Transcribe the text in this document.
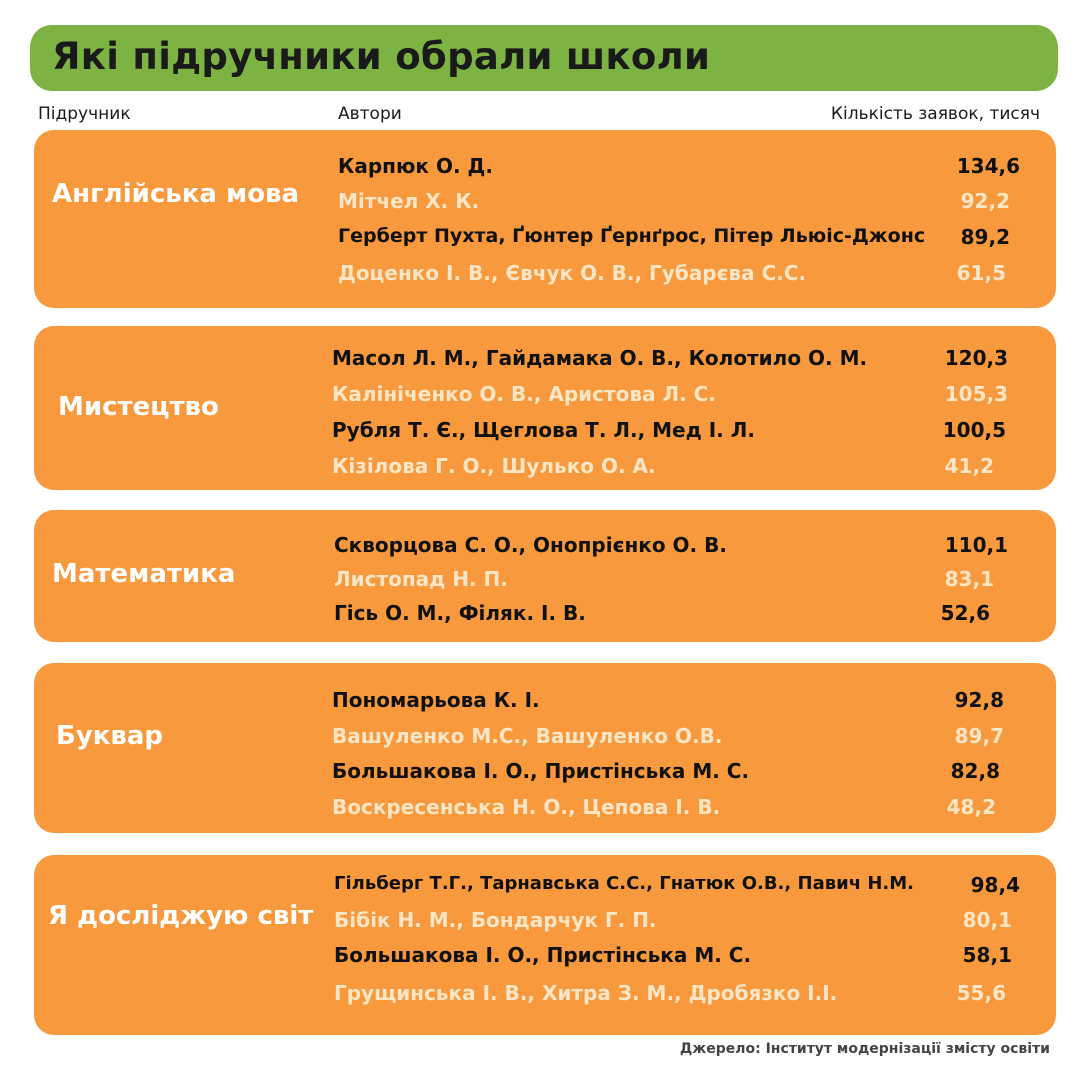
Які підручники обрали школи
Підручник	Автори	Кількість заявок, тисяч
Англійська мова
Карпюк О. Д.	134,6
Мітчел Х. К.	92,2
Герберт Пухта, Ґюнтер Ґернґрос, Пітер Льюіс-Джонс	89,2
Доценко І. В., Євчук О. В., Губарєва С.С.	61,5
Мистецтво
Масол Л. М., Гайдамака О. В., Колотило О. М.	120,3
Калініченко О. В., Аристова Л. С.	105,3
Рубля Т. Є., Щеглова Т. Л., Мед І. Л.	100,5
Кізілова Г. О., Шулько О. А.	41,2
Математика
Скворцова С. О., Онопрієнко О. В.	110,1
Листопад Н. П.	83,1
Гісь О. М., Філяк. І. В.	52,6
Буквар
Пономарьова К. І.	92,8
Вашуленко М.С., Вашуленко О.В.	89,7
Большакова І. О., Пристінська М. С.	82,8
Воскресенська Н. О., Цепова І. В.	48,2
Я досліджую світ
Гільберг Т.Г., Тарнавська С.С., Гнатюк О.В., Павич Н.М.	98,4
Бібік Н. М., Бондарчук Г. П.	80,1
Большакова І. О., Пристінська М. С.	58,1
Грущинська І. В., Хитра З. М., Дробязко І.І.	55,6
Джерело: Інститут модернізації змісту освіти
